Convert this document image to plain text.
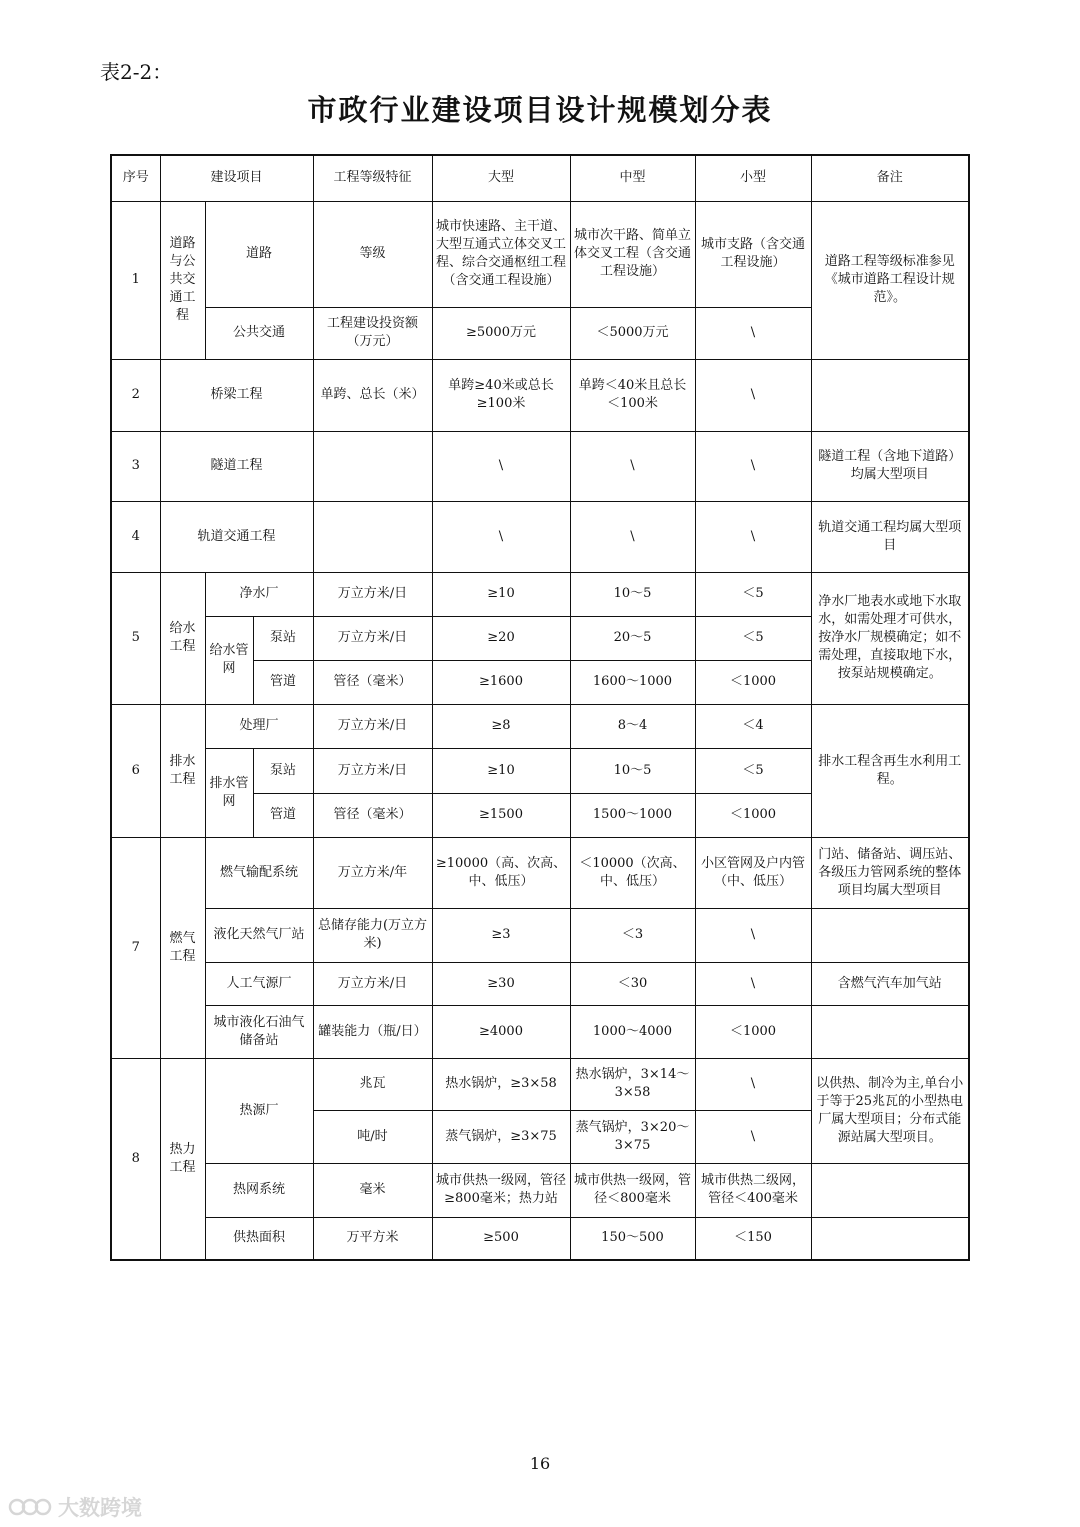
表2-2：
市政行业建设项目设计规模划分表
序号	建设项目			工程等级特征	大型	中型	小型	备注
1	道路与公共交通工程	道路		等级	城市快速路、主干道、大型互通式立体交叉工程、综合交通枢纽工程（含交通工程设施）	城市次干路、简单立体交叉工程（含交通工程设施）	城市支路（含交通工程设施）	道路工程等级标准参见《城市道路工程设计规范》。
		公共交通		工程建设投资额（万元）	≥5000万元	＜5000万元	\	
2	桥梁工程			单跨、总长（米）	单跨≥40米或总长≥100米	单跨＜40米且总长＜100米	\	
3	隧道工程				\	\	\	隧道工程（含地下道路）均属大型项目
4	轨道交通工程				\	\	\	轨道交通工程均属大型项目
5	给水工程	净水厂		万立方米/日	≥10	10～5	＜5	净水厂地表水或地下水取水，如需处理才可供水，按净水厂规模确定；如不需处理，直接取地下水，按泵站规模确定。
		给水管网	泵站	万立方米/日	≥20	20～5	＜5	
			管道	管径（毫米）	≥1600	1600～1000	＜1000	
6	排水工程	处理厂		万立方米/日	≥8	8～4	＜4	排水工程含再生水利用工程。
		排水管网	泵站	万立方米/日	≥10	10～5	＜5	
			管道	管径（毫米）	≥1500	1500～1000	＜1000	
7	燃气工程	燃气输配系统		万立方米/年	≥10000（高、次高、中、低压）	＜10000（次高、中、低压）	小区管网及户内管（中、低压）	门站、储备站、调压站、各级压力管网系统的整体项目均属大型项目
		液化天然气厂站		总储存能力(万立方米)	≥3	＜3	\	
		人工气源厂		万立方米/日	≥30	＜30	\	含燃气汽车加气站
		城市液化石油气储备站		罐装能力（瓶/日）	≥4000	1000～4000	＜1000	
8	热力工程	热源厂		兆瓦	热水锅炉，≥3×58	热水锅炉，3×14～3×58	\	以供热、制冷为主,单台小于等于25兆瓦的小型热电厂属大型项目；分布式能源站属大型项目。
				吨/时	蒸气锅炉，≥3×75	蒸气锅炉，3×20～3×75	\	
		热网系统		毫米	城市供热一级网，管径≥800毫米；热力站	城市供热一级网，管径＜800毫米	城市供热二级网，管径＜400毫米	
		供热面积		万平方米	≥500	150～500	＜150	
16
大数跨境
